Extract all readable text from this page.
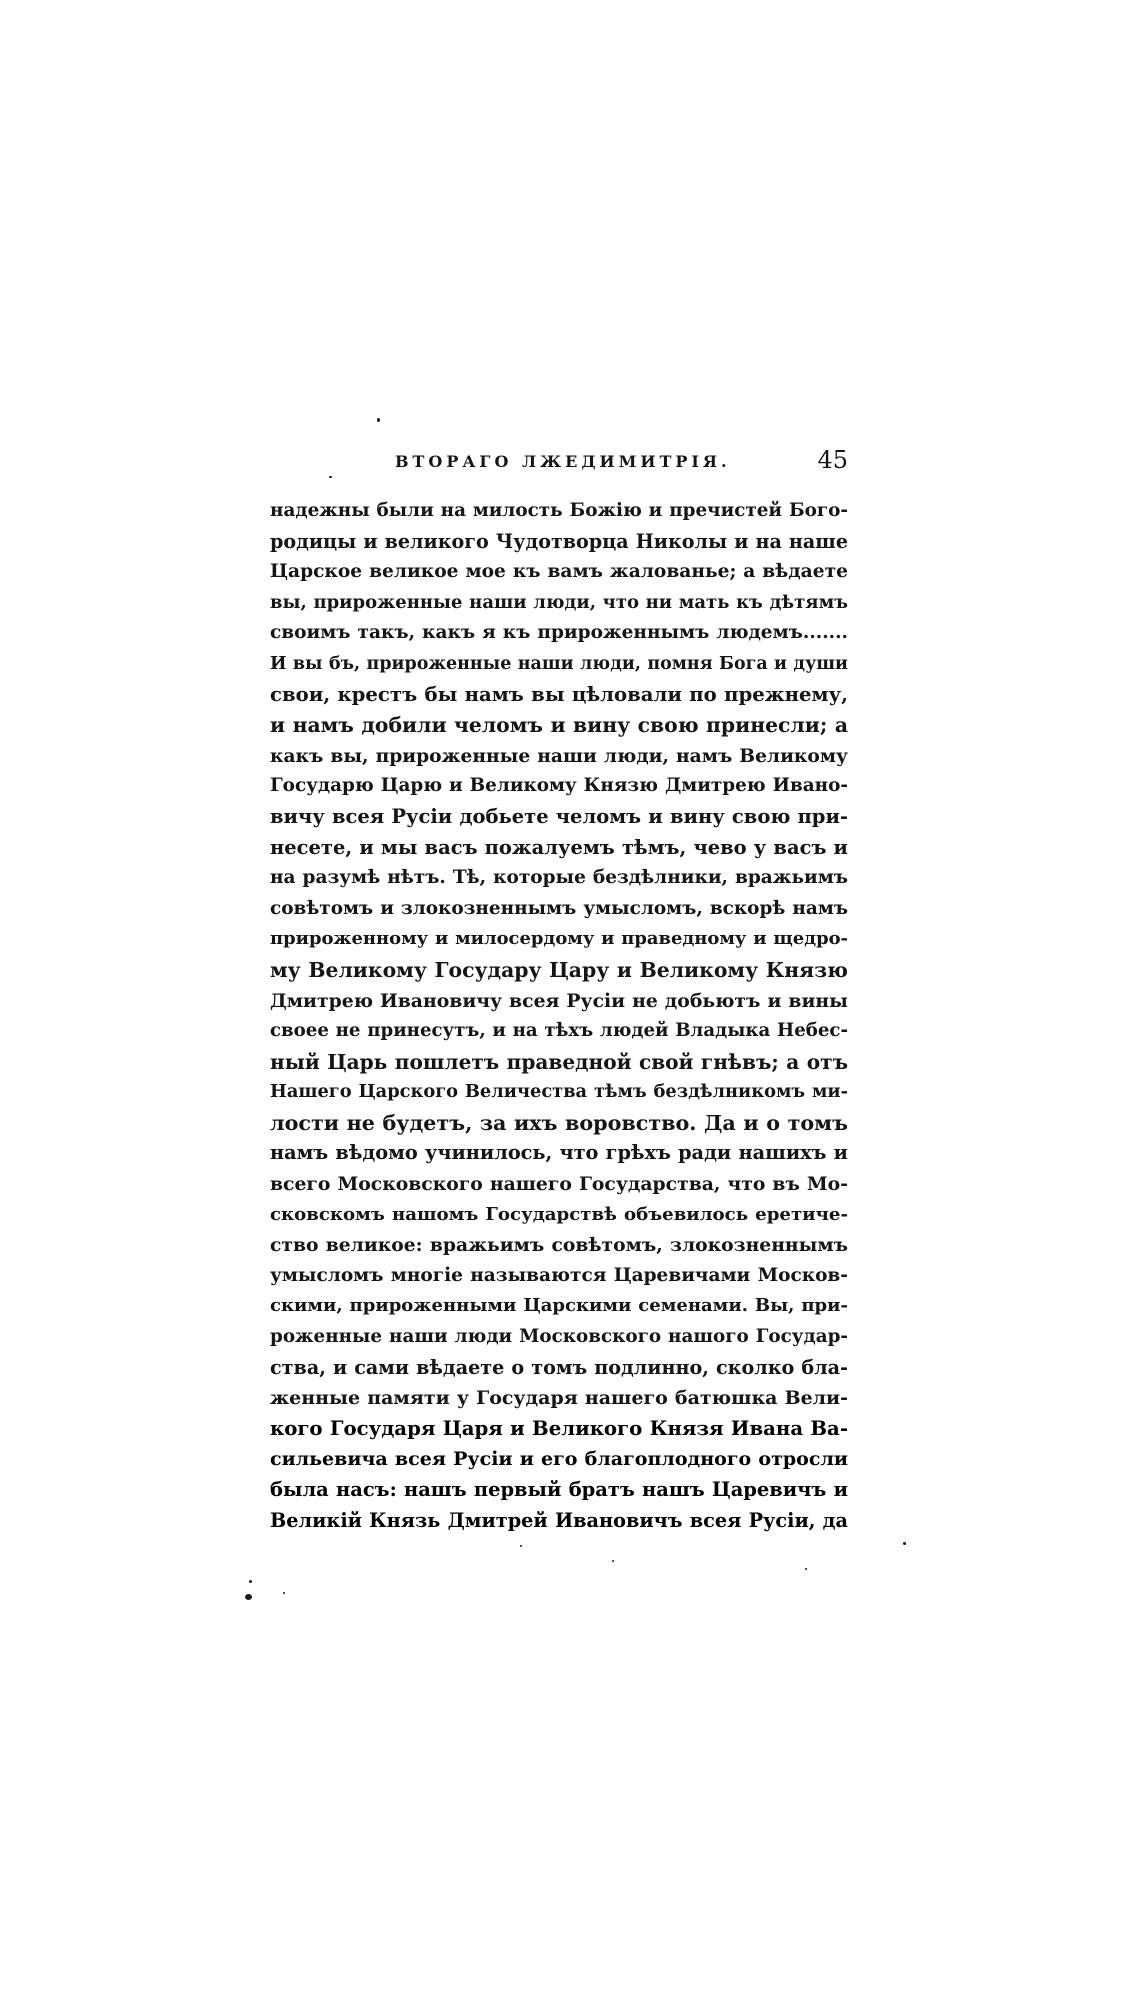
ВТОРАГО ЛЖЕДИМИТРІЯ.	45
надежны были на милость Божію и пречистей Бого-
родицы и великого Чудотворца Николы и на наше
Царское великое мое къ вамъ жалованье; а вѣдаете
вы, прироженные наши люди, что ни мать къ дѣтямъ
своимъ такъ, какъ я къ прироженнымъ людемъ.......
И вы бъ, прироженные наши люди, помня Бога и души
свои, крестъ бы намъ вы цѣловали по прежнему,
и намъ добили челомъ и вину свою принесли; а
какъ вы, прироженные наши люди, намъ Великому
Государю Царю и Великому Князю Дмитрею Ивано-
вичу всея Русіи добьете челомъ и вину свою при-
несете, и мы васъ пожалуемъ тѣмъ, чево у васъ и
на разумѣ нѣтъ. Тѣ, которые бездѣлники, вражьимъ
совѣтомъ и злокозненнымъ умысломъ, вскорѣ намъ
прироженному и милосердому и праведному и щедро-
му Великому Государу Цару и Великому Князю
Дмитрею Ивановичу всея Русіи не добьютъ и вины
своее не принесутъ, и на тѣхъ людей Владыка Небес-
ный Царь пошлетъ праведной свой гнѣвъ; а отъ
Нашего Царского Величества тѣмъ бездѣлникомъ ми-
лости не будетъ, за ихъ воровство. Да и о томъ
намъ вѣдомо учинилось, что грѣхъ ради нашихъ и
всего Московского нашего Государства, что въ Мо-
сковскомъ нашомъ Государствѣ объевилось еретиче-
ство великое: вражьимъ совѣтомъ, злокозненнымъ
умысломъ многіе называются Царевичами Москов-
скими, прироженными Царскими семенами. Вы, при-
роженные наши люди Московского нашого Государ-
ства, и сами вѣдаете о томъ подлинно, сколко бла-
женные памяти у Государя нашего батюшка Вели-
кого Государя Царя и Великого Князя Ивана Ва-
сильевича всея Русіи и его благоплодного отросли
была насъ: нашъ первый братъ нашъ Царевичъ и
Великій Князь Дмитрей Ивановичъ всея Русіи, да
